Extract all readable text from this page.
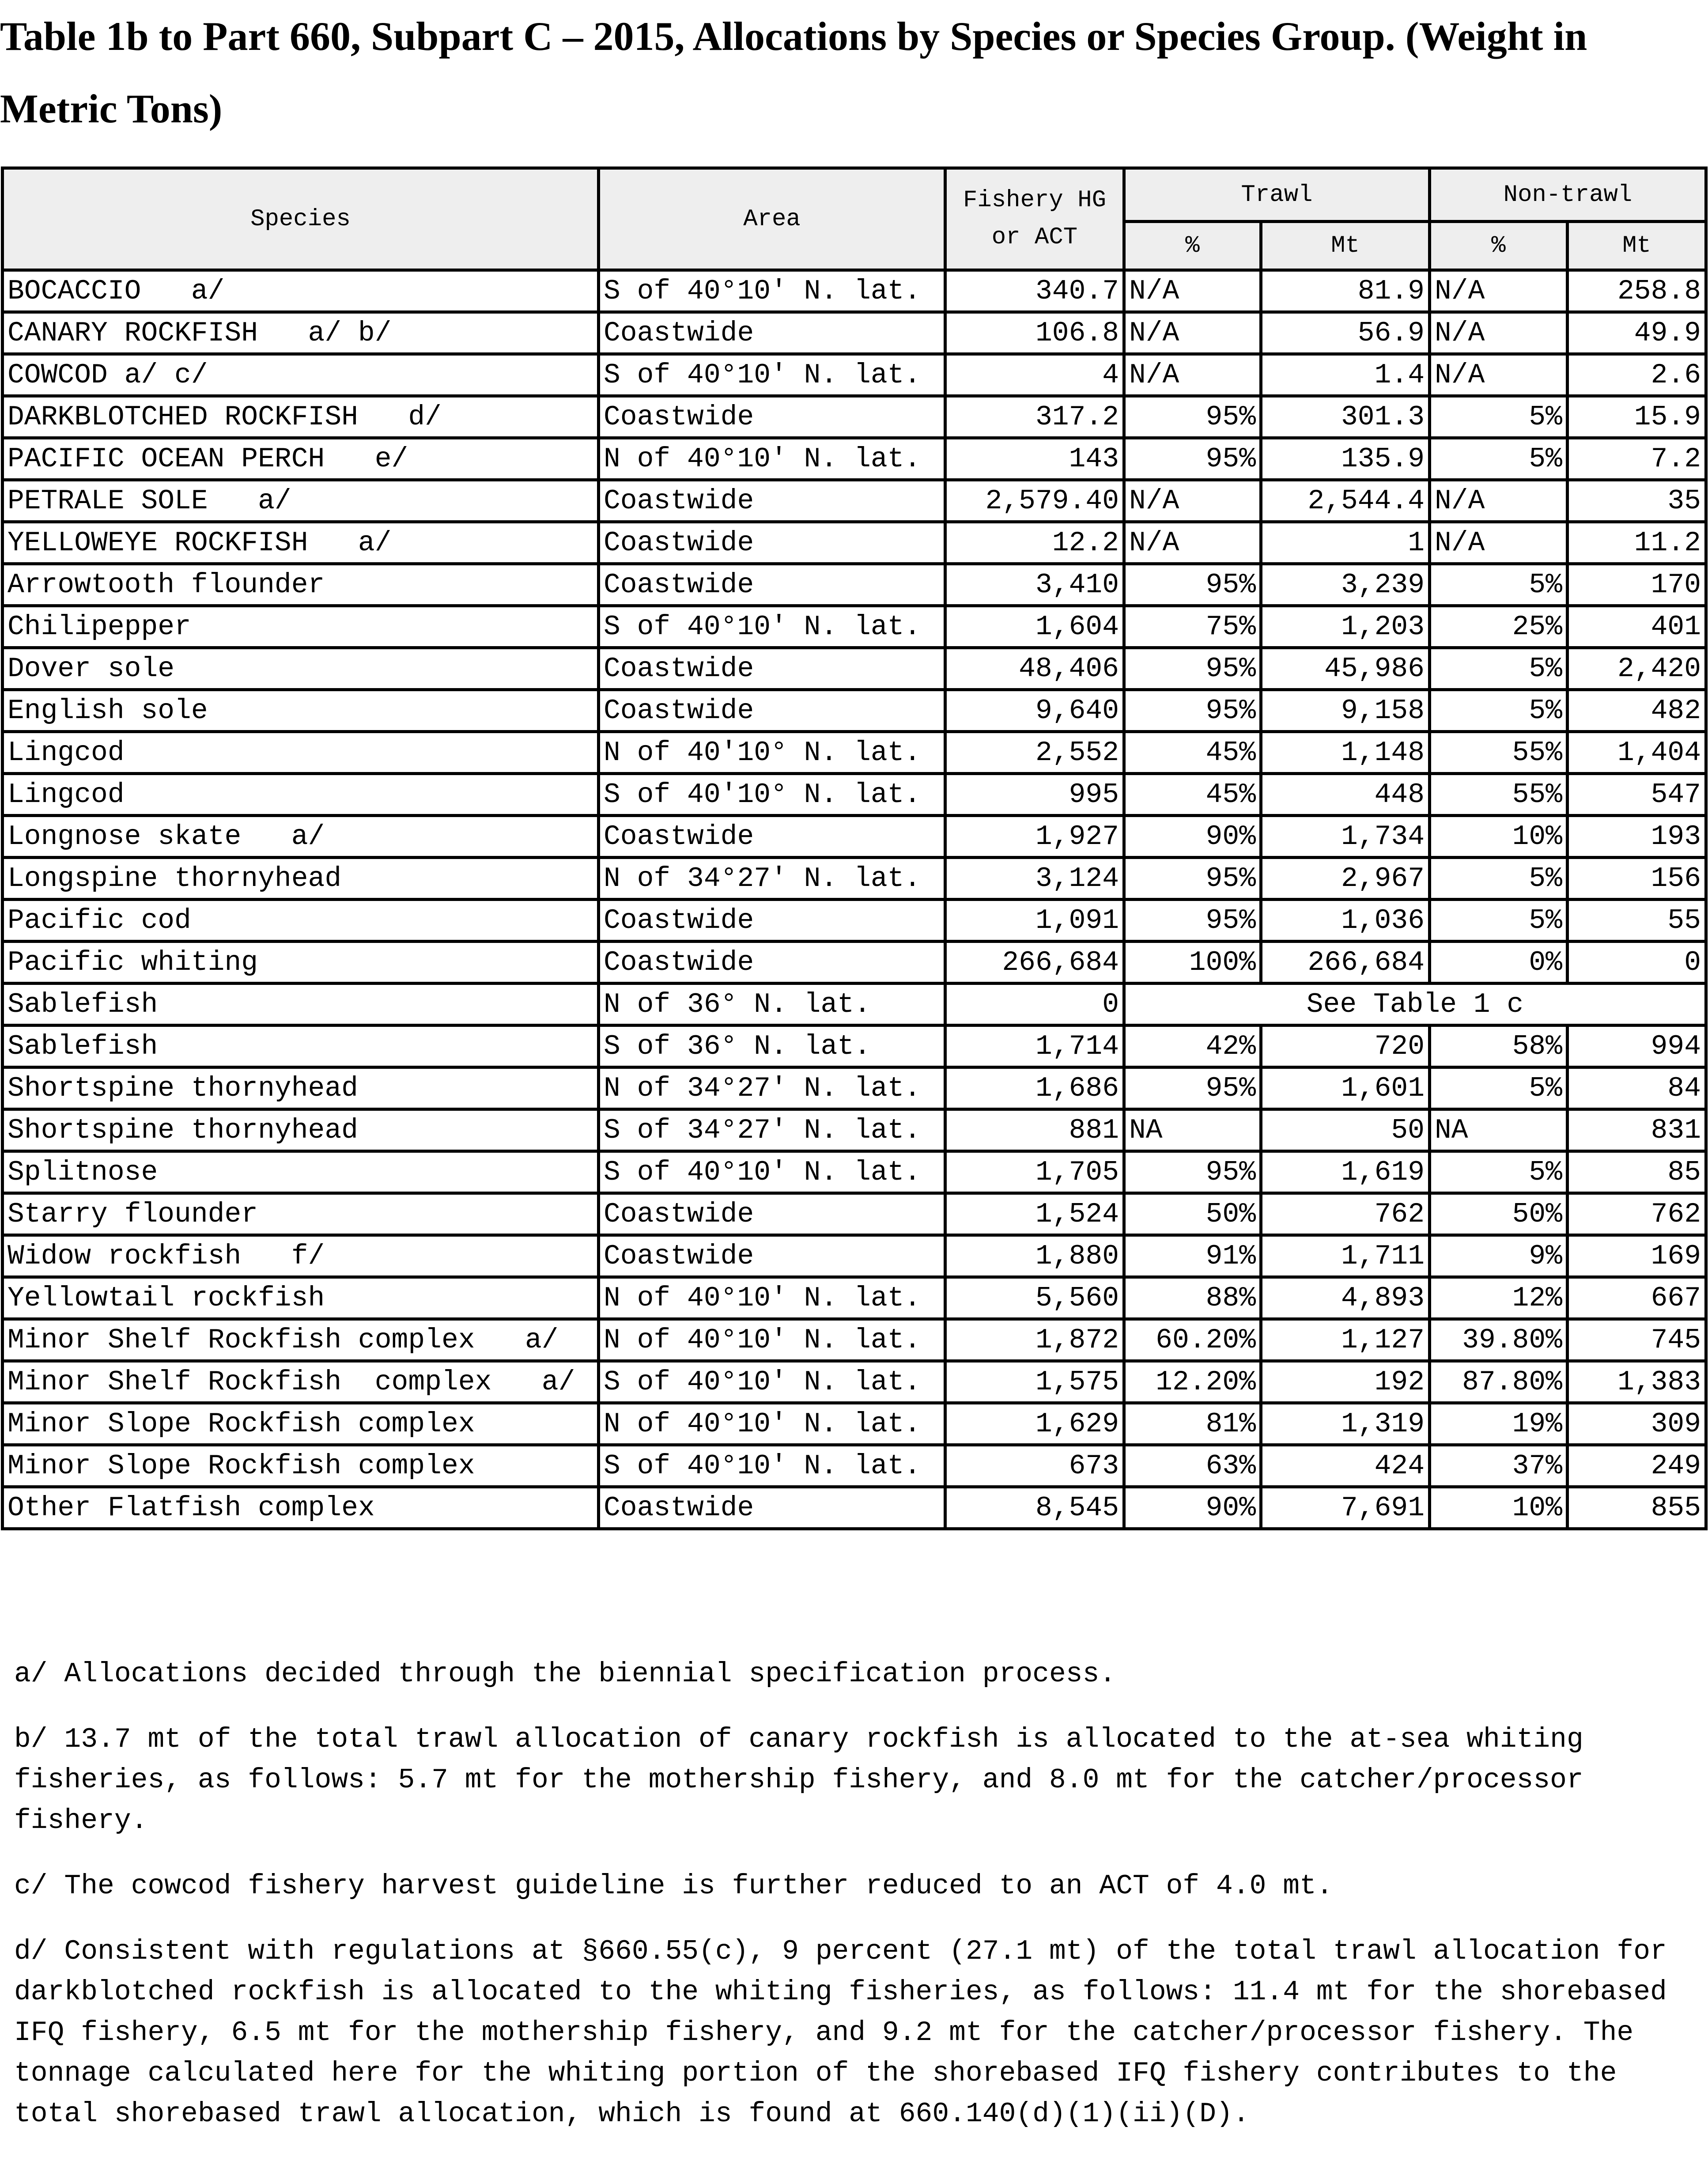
Table 1b to Part 660, Subpart C – 2015, Allocations by Species or Species Group. (Weight in Metric Tons)
Species	Area	Fishery HG or ACT	Trawl		Non-trawl	
			%	Mt	%	Mt
BOCACCIO   a/	S of 40°10' N. lat.	340.7	N/A	81.9	N/A	258.8
CANARY ROCKFISH   a/ b/	Coastwide	106.8	N/A	56.9	N/A	49.9
COWCOD a/ c/	S of 40°10' N. lat.	4	N/A	1.4	N/A	2.6
DARKBLOTCHED ROCKFISH   d/	Coastwide	317.2	95%	301.3	5%	15.9
PACIFIC OCEAN PERCH   e/	N of 40°10' N. lat.	143	95%	135.9	5%	7.2
PETRALE SOLE   a/	Coastwide	2,579.40	N/A	2,544.4	N/A	35
YELLOWEYE ROCKFISH   a/	Coastwide	12.2	N/A	1	N/A	11.2
Arrowtooth flounder	Coastwide	3,410	95%	3,239	5%	170
Chilipepper	S of 40°10' N. lat.	1,604	75%	1,203	25%	401
Dover sole	Coastwide	48,406	95%	45,986	5%	2,420
English sole	Coastwide	9,640	95%	9,158	5%	482
Lingcod	N of 40'10° N. lat.	2,552	45%	1,148	55%	1,404
Lingcod	S of 40'10° N. lat.	995	45%	448	55%	547
Longnose skate   a/	Coastwide	1,927	90%	1,734	10%	193
Longspine thornyhead	N of 34°27' N. lat.	3,124	95%	2,967	5%	156
Pacific cod	Coastwide	1,091	95%	1,036	5%	55
Pacific whiting	Coastwide	266,684	100%	266,684	0%	0
Sablefish	N of 36° N. lat.	0	See Table 1 c			
Sablefish	S of 36° N. lat.	1,714	42%	720	58%	994
Shortspine thornyhead	N of 34°27' N. lat.	1,686	95%	1,601	5%	84
Shortspine thornyhead	S of 34°27' N. lat.	881	NA	50	NA	831
Splitnose	S of 40°10' N. lat.	1,705	95%	1,619	5%	85
Starry flounder	Coastwide	1,524	50%	762	50%	762
Widow rockfish   f/	Coastwide	1,880	91%	1,711	9%	169
Yellowtail rockfish	N of 40°10' N. lat.	5,560	88%	4,893	12%	667
Minor Shelf Rockfish complex   a/	N of 40°10' N. lat.	1,872	60.20%	1,127	39.80%	745
Minor Shelf Rockfish  complex   a/	S of 40°10' N. lat.	1,575	12.20%	192	87.80%	1,383
Minor Slope Rockfish complex	N of 40°10' N. lat.	1,629	81%	1,319	19%	309
Minor Slope Rockfish complex	S of 40°10' N. lat.	673	63%	424	37%	249
Other Flatfish complex	Coastwide	8,545	90%	7,691	10%	855

a/ Allocations decided through the biennial specification process.

b/ 13.7 mt of the total trawl allocation of canary rockfish is allocated to the at-sea whiting fisheries, as follows: 5.7 mt for the mothership fishery, and 8.0 mt for the catcher/processor fishery.

c/ The cowcod fishery harvest guideline is further reduced to an ACT of 4.0 mt.

d/ Consistent with regulations at §660.55(c), 9 percent (27.1 mt) of the total trawl allocation for darkblotched rockfish is allocated to the whiting fisheries, as follows: 11.4 mt for the shorebased IFQ fishery, 6.5 mt for the mothership fishery, and 9.2 mt for the catcher/processor fishery. The tonnage calculated here for the whiting portion of the shorebased IFQ fishery contributes to the total shorebased trawl allocation, which is found at 660.140(d)(1)(ii)(D).
